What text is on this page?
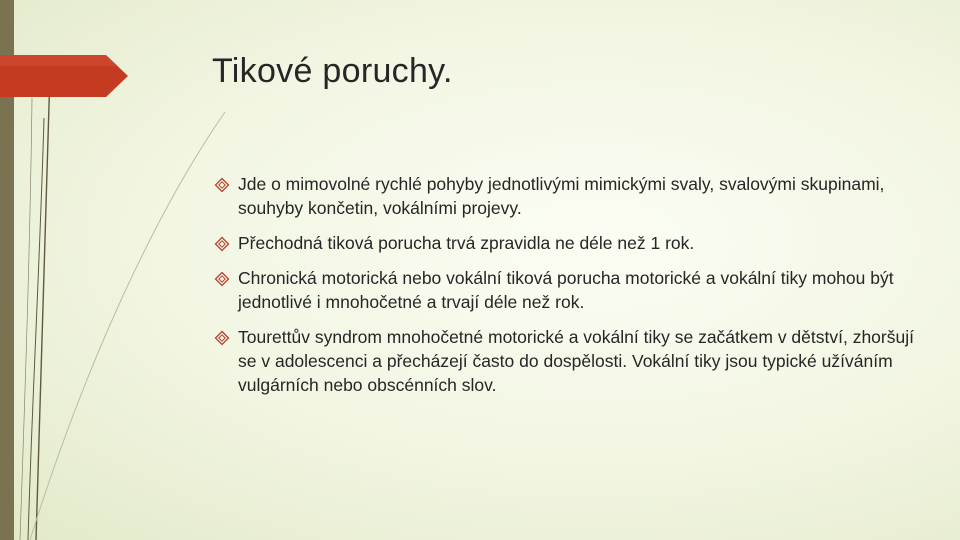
Tikové poruchy.
Jde o mimovolné rychlé pohyby jednotlivými mimickými svaly, svalovými skupinami, souhyby končetin, vokálními projevy.
Přechodná tiková porucha trvá zpravidla ne déle než 1 rok.
Chronická motorická nebo vokální tiková porucha motorické a vokální tiky mohou být jednotlivé i mnohočetné a trvají déle než rok.
Tourettův syndrom mnohočetné motorické a vokální tiky se začátkem v dětství, zhoršují se v adolescenci a přecházejí často do dospělosti. Vokální tiky jsou typické užíváním vulgárních nebo obscénních slov.
